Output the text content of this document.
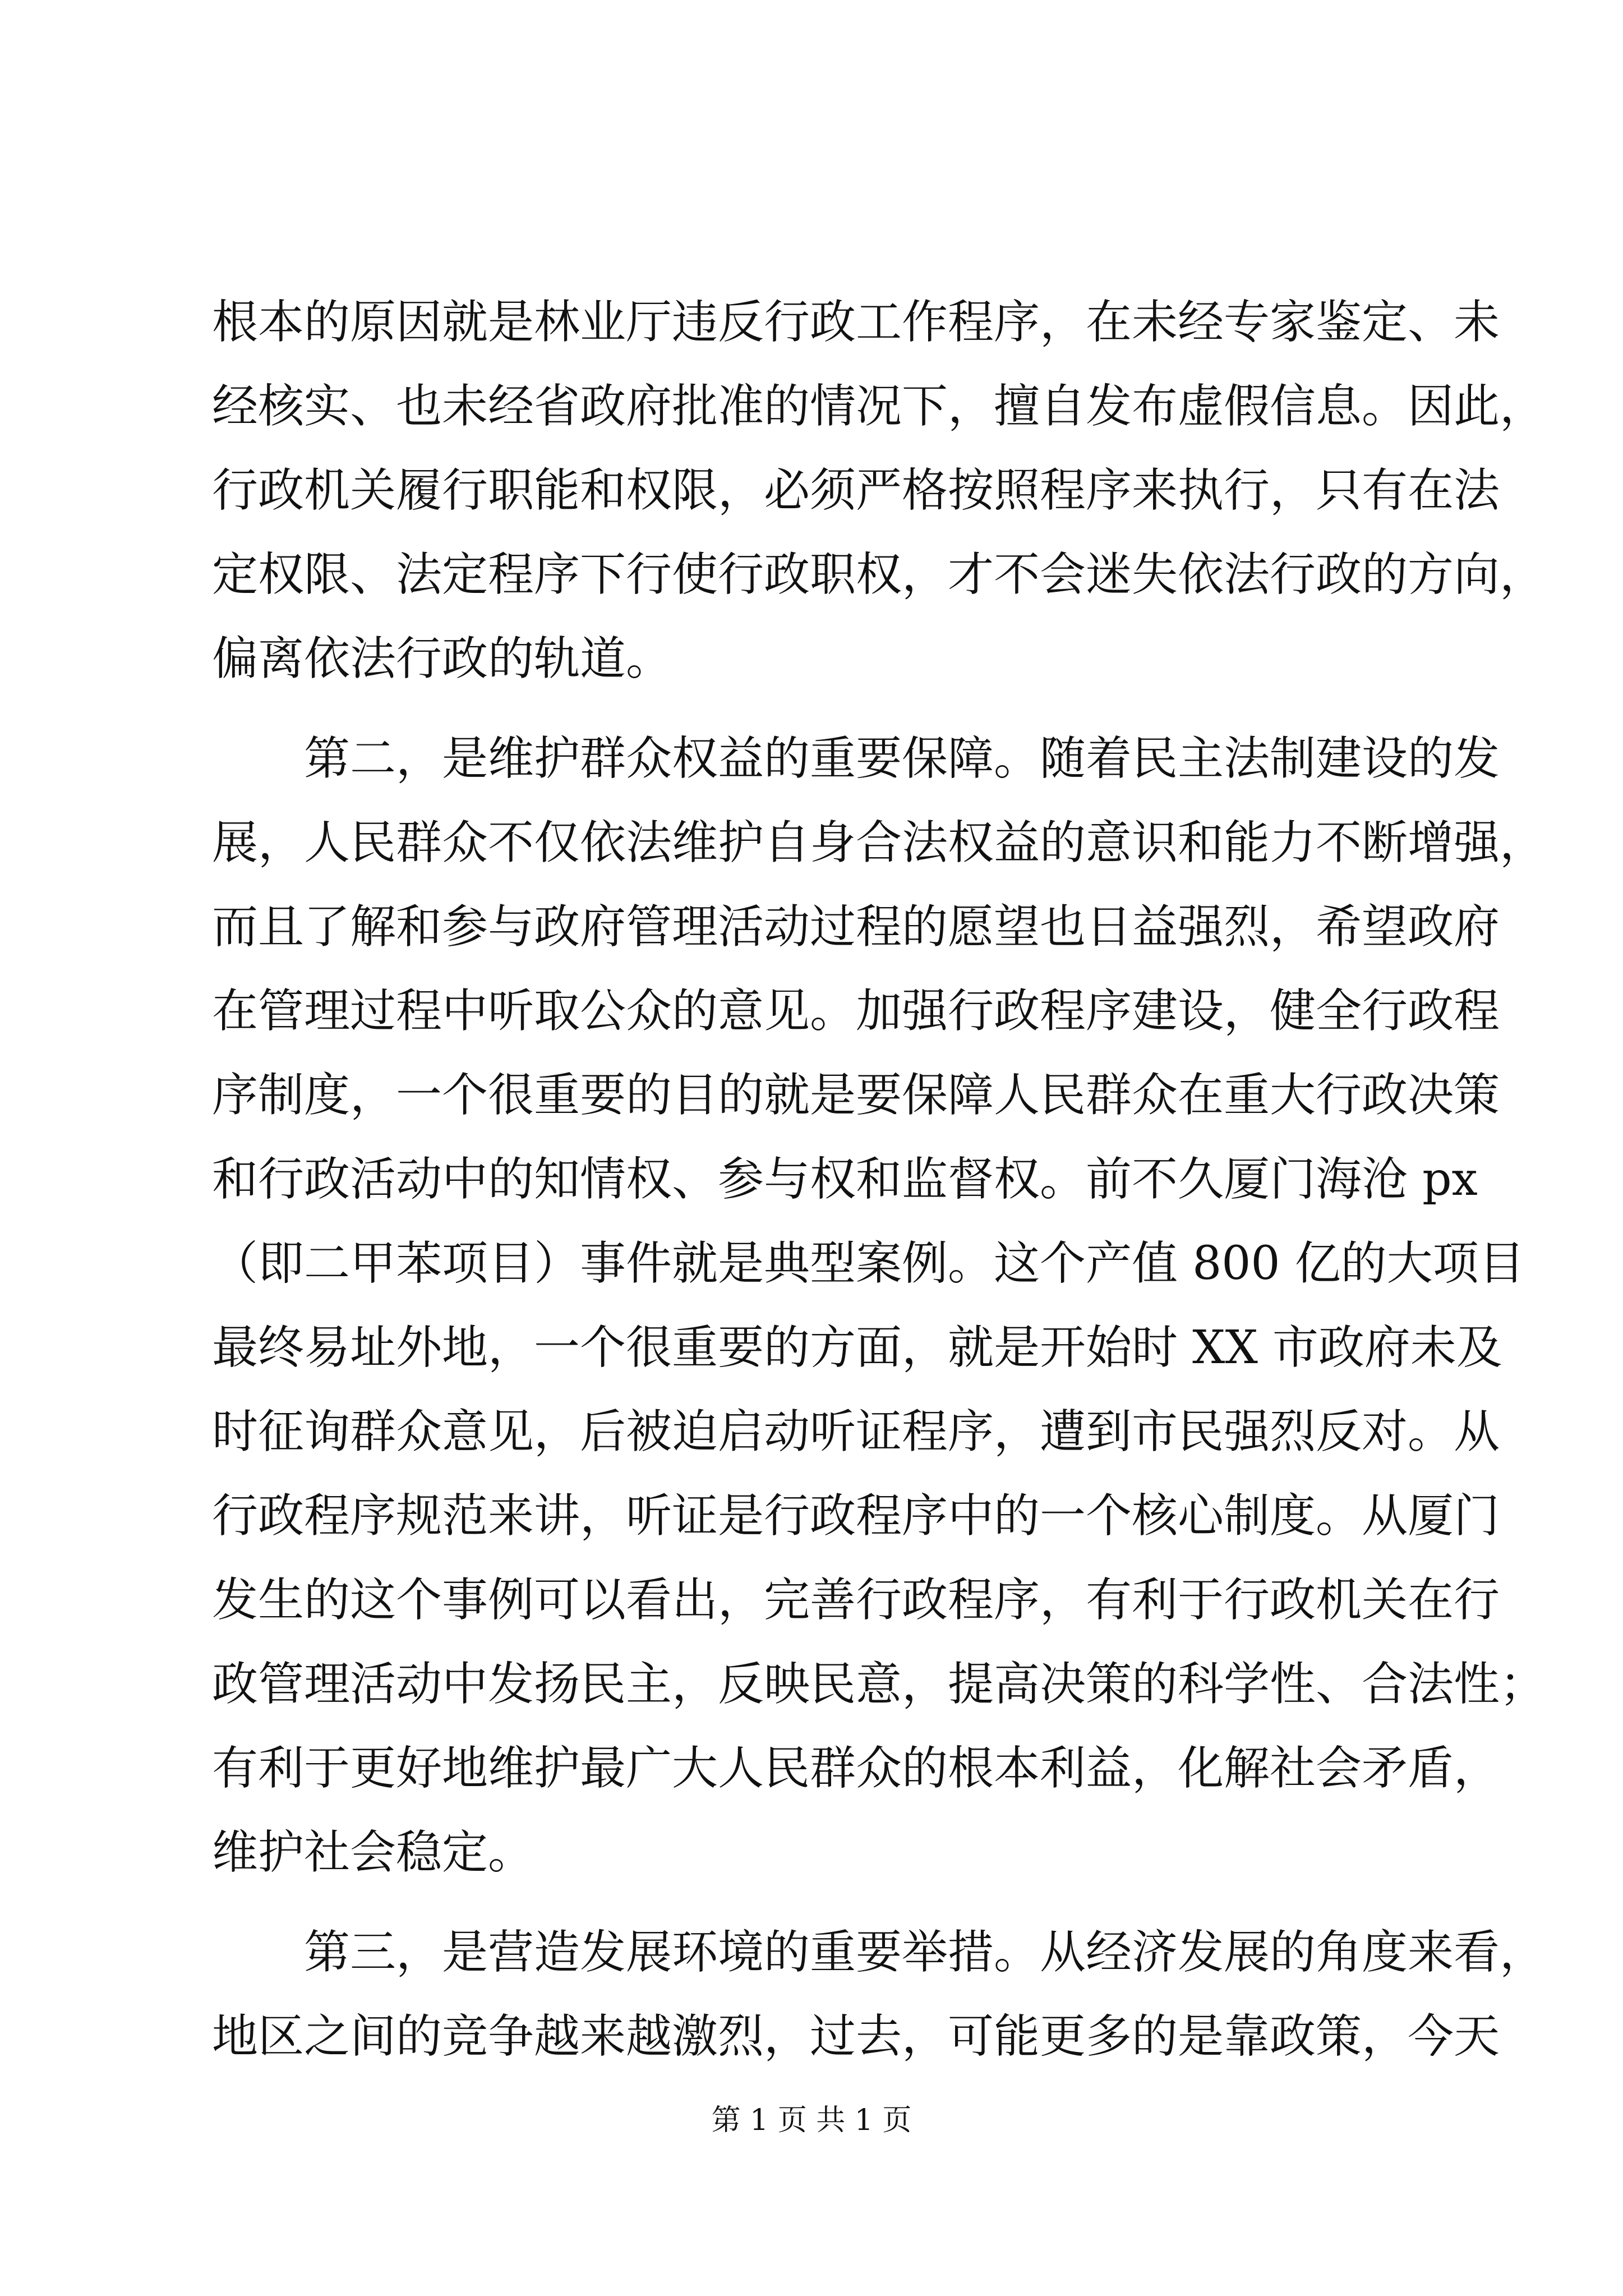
根本的原因就是林业厅违反行政工作程序，在未经专家鉴定、未
经核实、也未经省政府批准的情况下，擅自发布虚假信息。因此，
行政机关履行职能和权限，必须严格按照程序来执行，只有在法
定权限、法定程序下行使行政职权，才不会迷失依法行政的方向，
偏离依法行政的轨道。
　　第二，是维护群众权益的重要保障。随着民主法制建设的发
展，人民群众不仅依法维护自身合法权益的意识和能力不断增强，
而且了解和参与政府管理活动过程的愿望也日益强烈，希望政府
在管理过程中听取公众的意见。加强行政程序建设，健全行政程
序制度，一个很重要的目的就是要保障人民群众在重大行政决策
和行政活动中的知情权、参与权和监督权。前不久厦门海沧 px
（即二甲苯项目）事件就是典型案例。这个产值 800 亿的大项目
最终易址外地，一个很重要的方面，就是开始时 XX 市政府未及
时征询群众意见，后被迫启动听证程序，遭到市民强烈反对。从
行政程序规范来讲，听证是行政程序中的一个核心制度。从厦门
发生的这个事例可以看出，完善行政程序，有利于行政机关在行
政管理活动中发扬民主，反映民意，提高决策的科学性、合法性；
有利于更好地维护最广大人民群众的根本利益，化解社会矛盾，
维护社会稳定。
　　第三，是营造发展环境的重要举措。从经济发展的角度来看，
地区之间的竞争越来越激烈，过去，可能更多的是靠政策，今天
第 1 页 共 1 页
